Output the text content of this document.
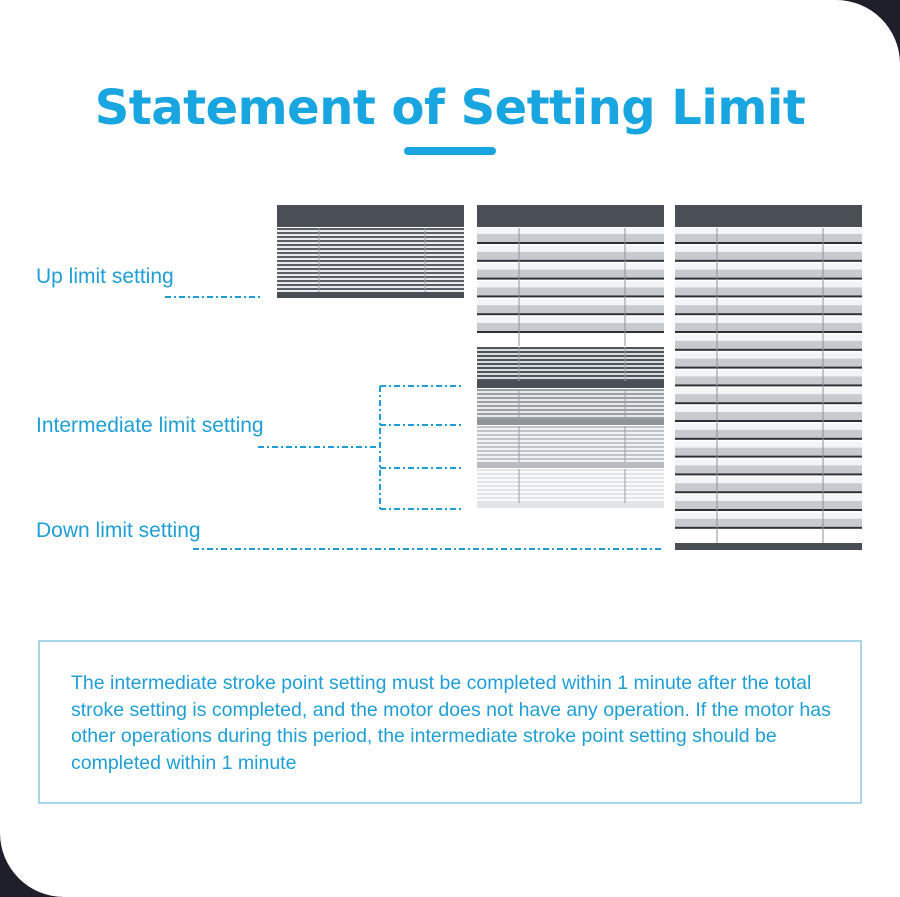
Statement of Setting Limit

Up limit setting

Intermediate limit setting

Down limit setting

The intermediate stroke point setting must be completed within 1 minute after the total stroke setting is completed, and the motor does not have any operation. If the motor has other operations during this period, the intermediate stroke point setting should be completed within 1 minute
